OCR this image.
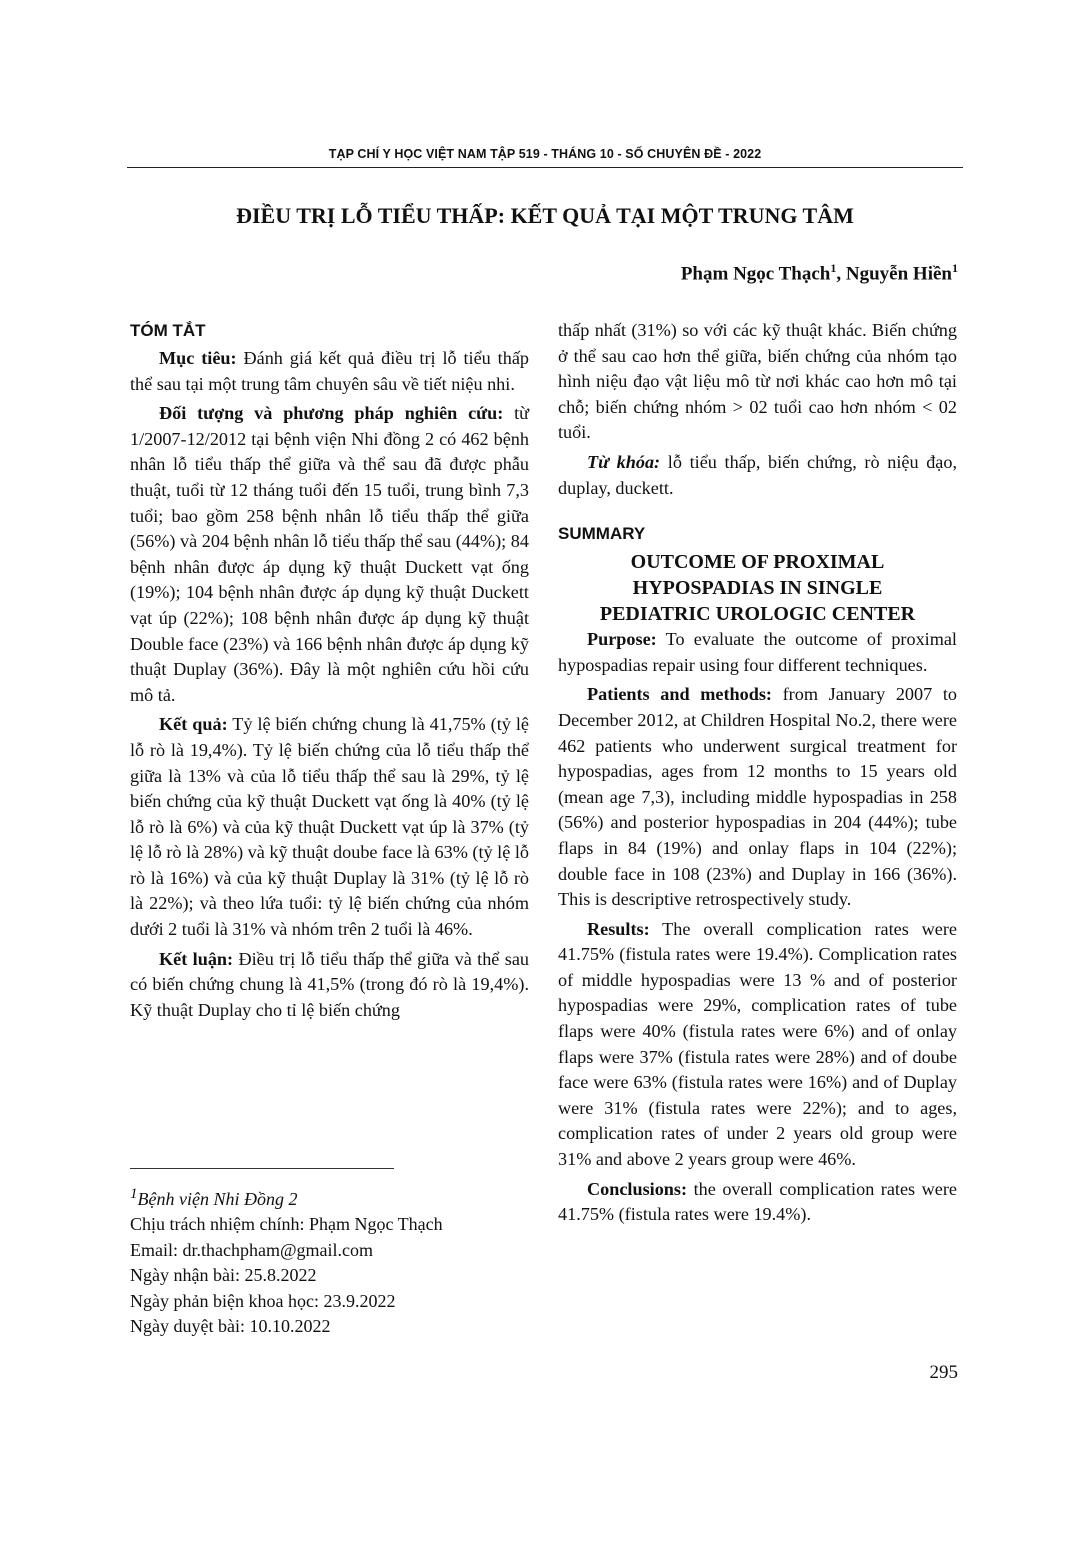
TẠP CHÍ Y HỌC VIỆT NAM TẬP 519 - THÁNG 10 - SỐ CHUYÊN ĐỀ - 2022
ĐIỀU TRỊ LỖ TIỂU THẤP: KẾT QUẢ TẠI MỘT TRUNG TÂM
Phạm Ngọc Thạch$^1$, Nguyễn Hiền$^1$
TÓM TẮT

Mục tiêu: Đánh giá kết quả điều trị lỗ tiểu thấp thể sau tại một trung tâm chuyên sâu về tiết niệu nhi.

Đối tượng và phương pháp nghiên cứu: từ 1/2007-12/2012 tại bệnh viện Nhi đồng 2 có 462 bệnh nhân lỗ tiểu thấp thể giữa và thể sau đã được phẫu thuật, tuổi từ 12 tháng tuổi đến 15 tuổi, trung bình 7,3 tuổi; bao gồm 258 bệnh nhân lỗ tiểu thấp thể giữa (56%) và 204 bệnh nhân lỗ tiểu thấp thể sau (44%); 84 bệnh nhân được áp dụng kỹ thuật Duckett vạt ống (19%); 104 bệnh nhân được áp dụng kỹ thuật Duckett vạt úp (22%); 108 bệnh nhân được áp dụng kỹ thuật Double face (23%) và 166 bệnh nhân được áp dụng kỹ thuật Duplay (36%). Đây là một nghiên cứu hồi cứu mô tả.

Kết quả: Tỷ lệ biến chứng chung là 41,75% (tỷ lệ lỗ rò là 19,4%). Tỷ lệ biến chứng của lỗ tiểu thấp thể giữa là 13% và của lỗ tiểu thấp thể sau là 29%, tỷ lệ biến chứng của kỹ thuật Duckett vạt ống là 40% (tỷ lệ lỗ rò là 6%) và của kỹ thuật Duckett vạt úp là 37% (tỷ lệ lỗ rò là 28%) và kỹ thuật doube face là 63% (tỷ lệ lỗ rò là 16%) và của kỹ thuật Duplay là 31% (tỷ lệ lỗ rò là 22%); và theo lứa tuổi: tỷ lệ biến chứng của nhóm dưới 2 tuổi là 31% và nhóm trên 2 tuổi là 46%.

Kết luận: Điều trị lỗ tiểu thấp thể giữa và thể sau có biến chứng chung là 41,5% (trong đó rò là 19,4%). Kỹ thuật Duplay cho tỉ lệ biến chứng

$^1$Bệnh viện Nhi Đồng 2
Chịu trách nhiệm chính: Phạm Ngọc Thạch
Email: dr.thachpham@gmail.com
Ngày nhận bài: 25.8.2022
Ngày phản biện khoa học: 23.9.2022
Ngày duyệt bài: 10.10.2022

thấp nhất (31%) so với các kỹ thuật khác. Biến chứng ở thể sau cao hơn thể giữa, biến chứng của nhóm tạo hình niệu đạo vật liệu mô từ nơi khác cao hơn mô tại chỗ; biến chứng nhóm > 02 tuổi cao hơn nhóm < 02 tuổi.

Từ khóa: lỗ tiểu thấp, biến chứng, rò niệu đạo, duplay, duckett.

SUMMARY
OUTCOME OF PROXIMAL
HYPOSPADIAS IN SINGLE
PEDIATRIC UROLOGIC CENTER

Purpose: To evaluate the outcome of proximal hypospadias repair using four different techniques.

Patients and methods: from January 2007 to December 2012, at Children Hospital No.2, there were 462 patients who underwent surgical treatment for hypospadias, ages from 12 months to 15 years old (mean age 7,3), including middle hypospadias in 258 (56%) and posterior hypospadias in 204 (44%); tube flaps in 84 (19%) and onlay flaps in 104 (22%); double face in 108 (23%) and Duplay in 166 (36%). This is descriptive retrospectively study.

Results: The overall complication rates were 41.75% (fistula rates were 19.4%). Complication rates of middle hypospadias were 13 % and of posterior hypospadias were 29%, complication rates of tube flaps were 40% (fistula rates were 6%) and of onlay flaps were 37% (fistula rates were 28%) and of doube face were 63% (fistula rates were 16%) and of Duplay were 31% (fistula rates were 22%); and to ages, complication rates of under 2 years old group were 31% and above 2 years group were 46%.

Conclusions: the overall complication rates were 41.75% (fistula rates were 19.4%).

295
